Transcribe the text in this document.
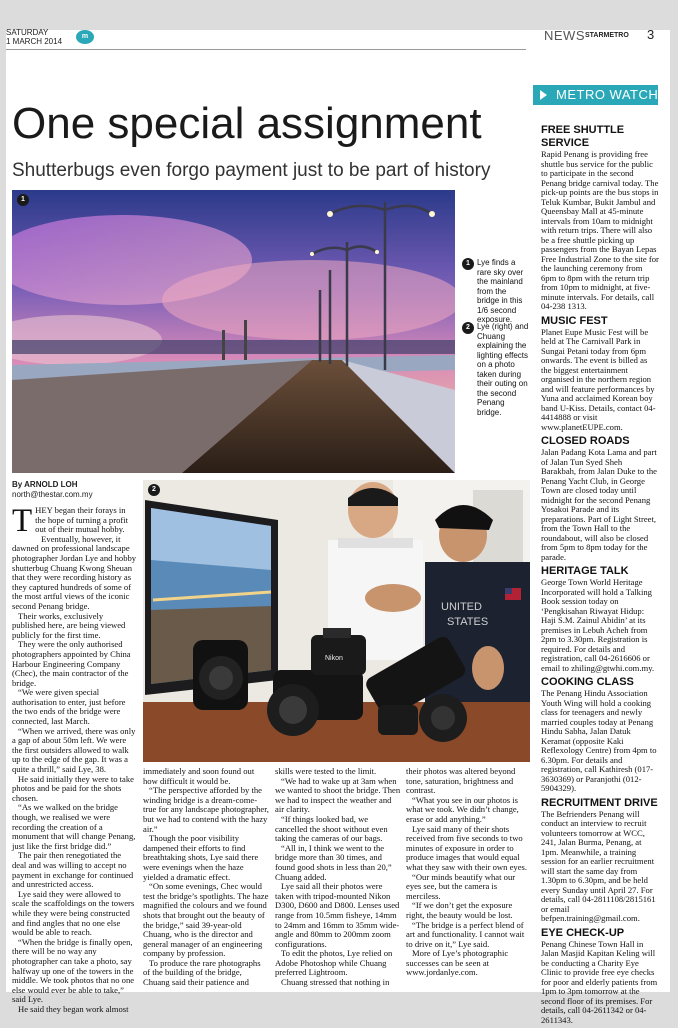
SATURDAY
1 MARCH 2014
m	NEWS STARMETRO 3
One special assignment
Shutterbugs even forgo payment just to be part of history
1
UNITED
STATES
Nikon
2
1 Lye finds a rare sky over the mainland from the bridge in this 1/6 second exposure.
2 Lye (right) and Chuang explaining the lighting effects on a photo taken during their outing on the second Penang bridge.
By ARNOLD LOH
north@thestar.com.my

THEY began their forays in the hope of turning a profit out of their mutual hobby.

Eventually, however, it dawned on professional landscape photographer Jordan Lye and hobby shutterbug Chuang Kwong Sheuan that they were recording history as they captured hundreds of some of the most artful views of the iconic second Penang bridge.

Their works, exclusively published here, are being viewed publicly for the first time.

They were the only authorised photographers appointed by China Harbour Engineering Company (Chec), the main contractor of the bridge.

“We were given special authorisation to enter, just before the two ends of the bridge were connected, last March.

“When we arrived, there was only a gap of about 50m left. We were the first outsiders allowed to walk up to the edge of the gap. It was a quite a thrill,” said Lye, 38.

He said initially they were to take photos and be paid for the shots chosen.

“As we walked on the bridge though, we realised we were recording the creation of a monument that will change Penang, just like the first bridge did.”

The pair then renegotiated the deal and was willing to accept no payment in exchange for continued and unrestricted access.

Lye said they were allowed to scale the scaffoldings on the towers while they were being constructed and find angles that no one else would be able to reach.

“When the bridge is finally open, there will be no way any photographer can take a photo, say halfway up one of the towers in the middle. We took photos that no one else would ever be able to take,” said Lye.

He said they began work almost

immediately and soon found out how difficult it would be.

“The perspective afforded by the winding bridge is a dream-come-true for any landscape photographer, but we had to contend with the hazy air.”

Though the poor visibility dampened their efforts to find breathtaking shots, Lye said there were evenings when the haze yielded a dramatic effect.

“On some evenings, Chec would test the bridge’s spotlights. The haze magnified the colours and we found shots that brought out the beauty of the bridge,” said 39-year-old Chuang, who is the director and general manager of an engineering company by profession.

To produce the rare photographs of the building of the bridge, Chuang said their patience and

skills were tested to the limit.

“We had to wake up at 3am when we wanted to shoot the bridge. Then we had to inspect the weather and air clarity.

“If things looked bad, we cancelled the shoot without even taking the cameras of our bags.

“All in, I think we went to the bridge more than 30 times, and found good shots in less than 20,” Chuang added.

Lye said all their photos were taken with tripod-mounted Nikon D300, D600 and D800. Lenses used range from 10.5mm fisheye, 14mm to 24mm and 16mm to 35mm wide-angle and 80mm to 200mm zoom configurations.

To edit the photos, Lye relied on Adobe Photoshop while Chuang preferred Lightroom.

Chuang stressed that nothing in

their photos was altered beyond tone, saturation, brightness and contrast.

“What you see in our photos is what we took. We didn’t change, erase or add anything.”

Lye said many of their shots received from five seconds to two minutes of exposure in order to produce images that would equal what they saw with their own eyes.

“Our minds beautify what our eyes see, but the camera is merciless.

“If we don’t get the exposure right, the beauty would be lost.

“The bridge is a perfect blend of art and functionality. I cannot wait to drive on it,” Lye said.

More of Lye’s photographic successes can be seen at www.jordanlye.com.

METRO WATCH
FREE SHUTTLE SERVICE

Rapid Penang is providing free shuttle bus service for the public to participate in the second Penang bridge carnival today. The pick-up points are the bus stops in Teluk Kumbar, Bukit Jambul and Queensbay Mall at 45-minute intervals from 10am to midnight with return trips. There will also be a free shuttle picking up passengers from the Bayan Lepas Free Industrial Zone to the site for the launching ceremony from 6pm to 8pm with the return trip from 10pm to midnight, at five-minute intervals. For details, call 04-238 1313.

MUSIC FEST

Planet Eupe Music Fest will be held at The Carnivall Park in Sungai Petani today from 6pm onwards. The event is billed as the biggest entertainment organised in the northern region and will feature performances by Yuna and acclaimed Korean boy band U-Kiss. Details, contact 04-4414888 or visit www.planetEUPE.com.

CLOSED ROADS

Jalan Padang Kota Lama and part of Jalan Tun Syed Sheh Barakbah, from Jalan Duke to the Penang Yacht Club, in George Town are closed today until midnight for the second Penang Yosakoi Parade and its preparations. Part of Light Street, from the Town Hall to the roundabout, will also be closed from 5pm to 8pm today for the parade.

HERITAGE TALK

George Town World Heritage Incorporated will hold a Talking Book session today on ‘Pengkisahan Riwayat Hidup: Haji S.M. Zainul Abidin’ at its premises in Lebuh Acheh from 2pm to 3.30pm. Registration is required. For details and registration, call 04-2616606 or email to zhiling@gtwhi.com.my.

COOKING CLASS

The Penang Hindu Association Youth Wing will hold a cooking class for teenagers and newly married couples today at Penang Hindu Sabha, Jalan Datuk Keramat (opposite Kaki Reflexology Centre) from 4pm to 6.30pm. For details and registration, call Kathiresh (017-3630369) or Paranjothi (012-5904329).

RECRUITMENT DRIVE

The Befrienders Penang will conduct an interview to recruit volunteers tomorrow at WCC, 241, Jalan Burma, Penang, at 1pm. Meanwhile, a training session for an earlier recruitment will start the same day from 1.30pm to 6.30pm, and be held every Sunday until April 27. For details, call 04-2811108/2815161 or email befpen.training@gmail.com.

EYE CHECK-UP

Penang Chinese Town Hall in Jalan Masjid Kapitan Keling will be conducting a Charity Eye Clinic to provide free eye checks for poor and elderly patients from 1pm to 3pm tomorrow at the second floor of its premises. For details, call 04-2611342 or 04-2611343.
